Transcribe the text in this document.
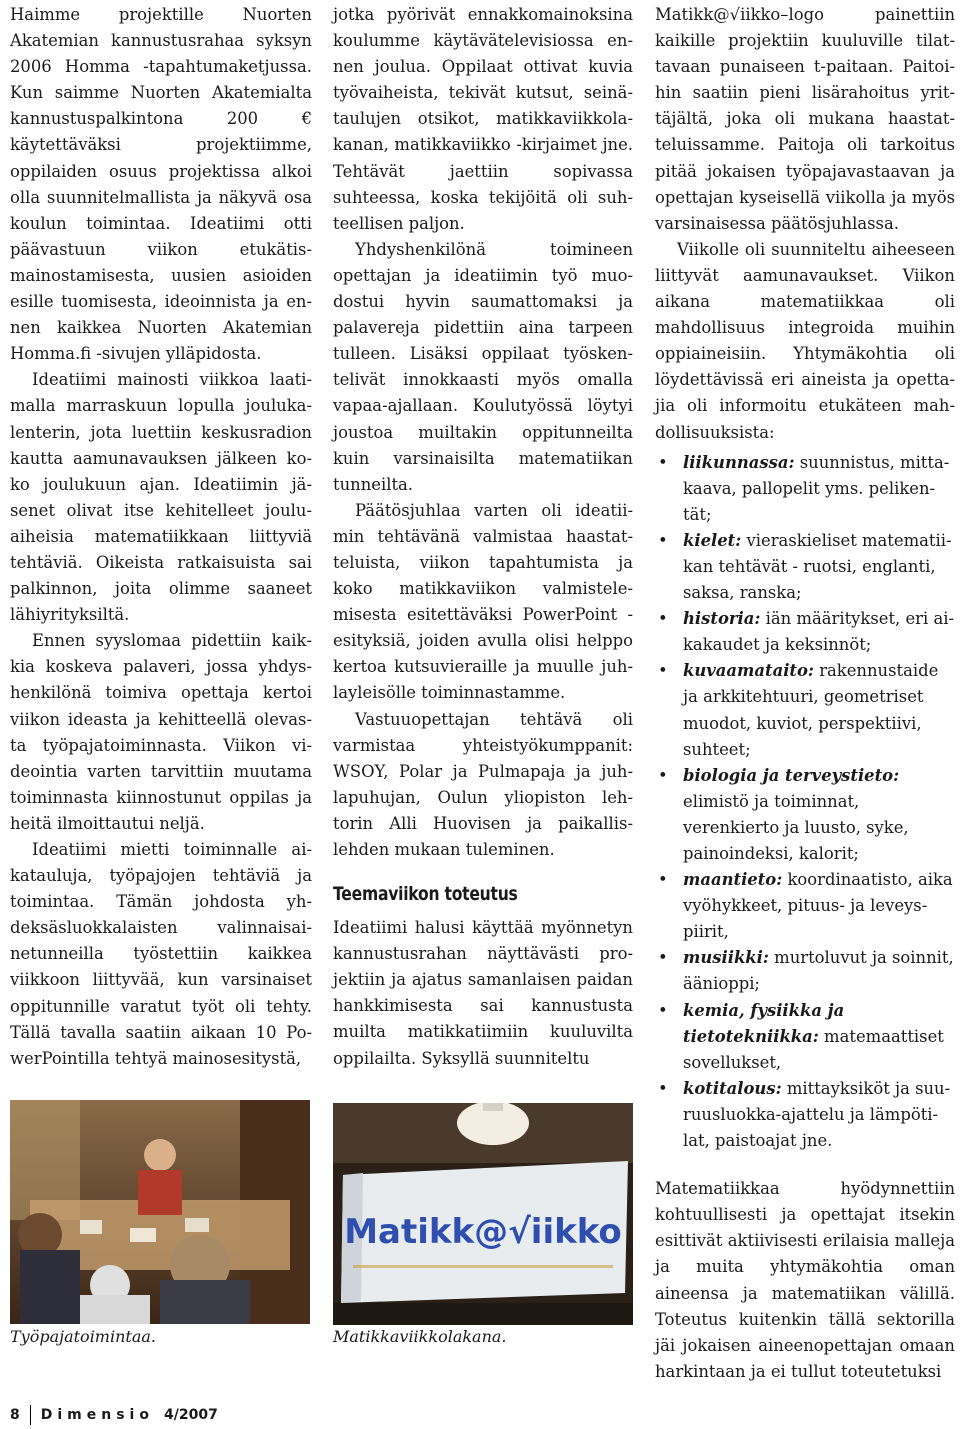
Haimme projektille Nuorten Akatemian kannustusrahaa syksyn 2006 Homma -tapahtumaketjussa. Kun saimme Nuorten Akatemialta kannustuspalkintona 200 € käytettäväksi projektiimme, oppilaiden osuus projektissa alkoi olla suunnitelmallista ja näkyvä osa koulun toimintaa. Ideatiimi otti päävastuun viikon etukätismainostamisesta, uusien asioiden esille tuomisesta, ideoinnista ja ennen kaikkea Nuorten Akatemian Homma.fi -sivujen ylläpidosta.

Ideatiimi mainosti viikkoa laatimalla marraskuun lopulla joulukalenterin, jota luettiin keskusradion kautta aamunavauksen jälkeen koko joulukuun ajan. Ideatiimin jäsenet olivat itse kehitelleet jouluaiheisia matematiikkaan liittyviä tehtäviä. Oikeista ratkaisuista sai palkinnon, joita olimme saaneet lähiyrityksiltä.

Ennen syyslomaa pidettiin kaikkia koskeva palaveri, jossa yhdyshenkilönä toimiva opettaja kertoi viikon ideasta ja kehitteellä olevasta työpajatoiminnasta. Viikon videointia varten tarvittiin muutama toiminnasta kiinnostunut oppilas ja heitä ilmoittautui neljä.

Ideatiimi mietti toiminnalle aikatauluja, työpajojen tehtäviä ja toimintaa. Tämän johdosta yhdeksäsluokkalaisten valinnaisainetunneilla työstettiin kaikkea viikkoon liittyvää, kun varsinaiset oppitunnille varatut työt oli tehty. Tällä tavalla saatiin aikaan 10 PowerPointilla tehtyä mainosesitystä,

jotka pyörivät ennakkomainoksina koulumme käytävätelevisiossa ennen joulua. Oppilaat ottivat kuvia työvaiheista, tekivät kutsut, seinätaulujen otsikot, matikkaviikkolakanan, matikkaviikko -kirjaimet jne. Tehtävät jaettiin sopivassa suhteessa, koska tekijöitä oli suhteellisen paljon.

Yhdyshenkilönä toimineen opettajan ja ideatiimin työ muodostui hyvin saumattomaksi ja palavereja pidettiin aina tarpeen tulleen. Lisäksi oppilaat työskentelivät innokkaasti myös omalla vapaa-ajallaan. Koulutyössä löytyi joustoa muiltakin oppitunneilta kuin varsinaisilta matematiikan tunneilta.

Päätösjuhlaa varten oli ideatiimin tehtävänä valmistaa haastatteluista, viikon tapahtumista ja koko matikkaviikon valmistelemisesta esitettäväksi PowerPoint -esityksiä, joiden avulla olisi helppo kertoa kutsuvieraille ja muulle juhlayleisölle toiminnastamme.

Vastuuopettajan tehtävä oli varmistaa yhteistyökumppanit: WSOY, Polar ja Pulmapaja ja juhlapuhujan, Oulun yliopiston lehtorin Alli Huovisen ja paikallislehden mukaan tuleminen.

Teemaviikon toteutus

Ideatiimi halusi käyttää myönnetyn kannustusrahan näyttävästi projektiin ja ajatus samanlaisen paidan hankkimisesta sai kannustusta muilta matikkatiimiin kuuluvilta oppilailta. Syksyllä suunniteltu

Matikk@√iikko–logo painettiin kaikille projektiin kuuluville tilattavaan punaiseen t-paitaan. Paitoihin saatiin pieni lisärahoitus yrittäjältä, joka oli mukana haastatteluissamme. Paitoja oli tarkoitus pitää jokaisen työpajavastaavan ja opettajan kyseisellä viikolla ja myös varsinaisessa päätösjuhlassa.

Viikolle oli suunniteltu aiheeseen liittyvät aamunavaukset. Viikon aikana matematiikkaa oli mahdollisuus integroida muihin oppiaineisiin. Yhtymäkohtia oli löydettävissä eri aineista ja opettajia oli informoitu etukäteen mahdollisuuksista:

• liikunnassa: suunnistus, mittakaava, pallopelit yms. pelikentät;
• kielet: vieraskieliset matematiikan tehtävät - ruotsi, englanti, saksa, ranska;
• historia: iän määritykset, eri aikakaudet ja keksinnöt;
• kuvaamataito: rakennustaide ja arkkitehtuuri, geometriset muodot, kuviot, perspektiivi, suhteet;
• biologia ja terveystieto: elimistö ja toiminnat, verenkierto ja luusto, syke, painoindeksi, kalorit;
• maantieto: koordinaatisto, aika vyöhykkeet, pituus- ja leveyspiirit,
• musiikki: murtoluvut ja soinnit, äänioppi;
• kemia, fysiikka ja tietotekniikka: matemaattiset sovellukset,
• kotitalous: mittayksiköt ja suuruusluokka-ajattelu ja lämpötilat, paistoajat jne.

Matematiikkaa hyödynnettiin kohtuullisesti ja opettajat itsekin esittivät aktiivisesti erilaisia malleja ja muita yhtymäkohtia oman aineensa ja matematiikan välillä. Toteutus kuitenkin tällä sektorilla jäi jokaisen aineenopettajan omaan harkintaan ja ei tullut toteutetuksi

Matikk@√iikko
Työpajatoimintaa.	Matikkaviikkolakana.
8 Dimensio 4/2007
